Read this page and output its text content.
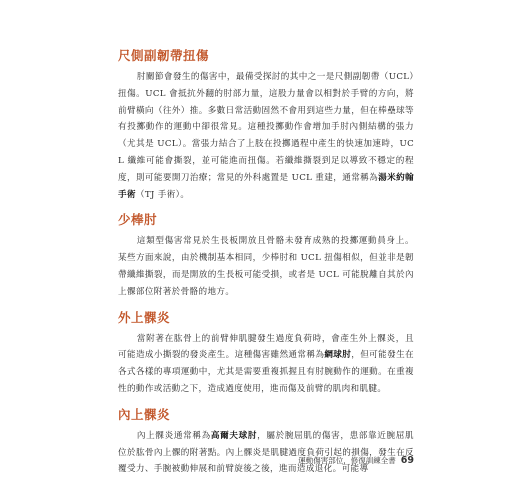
尺側副韌帶扭傷

肘關節會發生的傷害中，最備受探討的其中之一是尺側副韌帶（UCL）扭傷。UCL 會抵抗外翻的肘部力量，這股力量會以相對於手臂的方向，將前臂橫向（往外）推。多數日常活動固然不會用到這些力量，但在棒壘球等有投擲動作的運動中卻很常見。這種投擲動作會增加手肘內側結構的張力（尤其是 UCL）。當張力結合了上肢在投擲過程中產生的快速加速時，UCL 纖維可能會撕裂，並可能進而扭傷。若纖維撕裂到足以導致不穩定的程度，則可能要開刀治療；常見的外科處置是 UCL 重建，通常稱為湯米約翰手術（TJ 手術）。

少棒肘

這類型傷害常見於生長板開放且骨骼未發育成熟的投擲運動員身上。某些方面來說，由於機制基本相同，少棒肘和 UCL 扭傷相似，但並非是韌帶纖維撕裂，而是開放的生長板可能受損，或者是 UCL 可能脫離自其於內上髁部位附著於骨骼的地方。

外上髁炎

當附著在肱骨上的前臂伸肌腱發生過度負荷時，會產生外上髁炎，且可能造成小撕裂的發炎產生。這種傷害雖然通常稱為網球肘，但可能發生在各式各樣的專項運動中，尤其是需要重複抓握且有肘腕動作的運動。在重複性的動作或活動之下，造成過度使用，進而傷及前臂的肌肉和肌腱。

內上髁炎

內上髁炎通常稱為高爾夫球肘，屬於腕屈肌的傷害，患部靠近腕屈肌位於肱骨內上髁的附著點。內上髁炎是肌腱過度負荷引起的損傷，發生在反覆受力、手腕被動伸展和前臂旋後之後，進而造成退化。可能導

運動傷害部位，修復訓練全書 69
